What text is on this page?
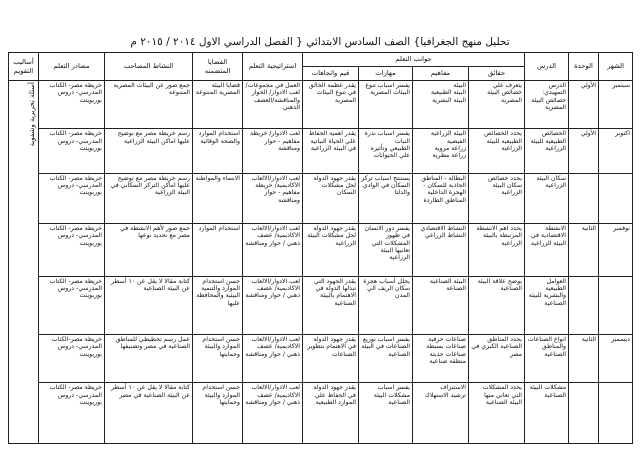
تحليل منهج الجغرافيا} الصف السادس الابتدائي { الفصل الدراسي الاول ٢٠١٤ / ٢٠١٥ م
الشهر	الوحدة	الدرس	جوانب التعلم				استراتيجية التعلم	القضايا المتضمنه	النشاط المصاحب	مصادر التعلم	أساليب التقويم
			حقائق	مفاهيم	مهارات	قيم واتجاهات					
سبتمبر	الأولي	الدرس التمهيدي: خصائص البيئة المصرية	يتعرف علي خصائص البيئة المصرية	البيئة
البيئة الطبيعية
البيئة البشرية	يفسر اسباب تنوع البيئات المصرية	يقدر عظمة الخالق في تنوع البيئات المصرية	العمل في مجموعات/لعب الادوار/ الحوار والمناقشة/العصف الذهني	قضايا البيئة المصرية المتنوعة	جمع صور عن البيئات المصرية المتنوعة	خريطة مصر- الكتاب المدرسي- دروس بوربوينت	أسئلة تحريرية وشفوية

اكتوبر	الأولي	الخصائص الطبيعية للبيئة الزراعية	يحدد الخصائص الطبيعية للبيئة الزراعية	البيئة الزراعية
الفيضية
زراعة مروية
زراعة مطرية	يفسر اسباب ندرة النبات
الطبيعي وتأثيره
علي الحيوانات	يقدر اهمية الحفاظ علي الحياة النباتية في البيئة الزراعية	لعب الادوار/ خريطة مفاهيم - حوار ومناقشة	استخدام الموارد والصحة الوقائية	رسم خريطة مصر مع توضيح عليها اماكن البيئة الزراعية	خريطة مصر- الكتاب المدرسي- دروس بوربوينت	
		سكان البيئة الزراعية	يحدد خصائص سكان البيئة الزراعية	البطالة - المناطق الجاذبة للسكان - الهجرة الداخلية المناطق الطاردة	يستنتج اسباب تركز السكان في الوادي والدلتا	يقدر جهود الدولة لحل مشكلات السكان	لعب الادوار/الالعاب الاكاديمية/ خريطة مفاهيم - حوار ومناقشة	الانتماء والمواطنة	رسم خريطة مصر مع توضيح عليها اماكن التركز السكاني في البيئة الزراعية	خريطة مصر- الكتاب المدرسي- دروس بوربوينت	
نوفمبر	الثانية	الانشطة الاقتصادية في البيئة الزراعية	يحدد اهم الانشطة المرتبطة بالبيئة الزراعية	النشاط الاقتصادي
النشاط الزراعي	يفسر دور الانسان في ظهور المشكلات التي تعانيها البيئة الزراعية	يقدر جهود الدولة لحل مشكلات البيئة الزراعية	لعب الادوار/الالعاب الاكاديمية/ عصف ذهني / حوار ومناقشة	استخدام الموارد	جمع صور لأهم الانشطة في مصر مع تحديد نوعها	خريطة مصر- الكتاب المدرسي- دروس بوربوينت	
		العوامل الطبيعية والبشرية للبيئة الصناعية	يوضح علاقة البيئة الصناعية	البيئة الصناعية
الصناعة	يحلل أسباب هجرة سكان الريف الي المدن	يقدر الجهود التي تبذلها الدولة في الاهتمام بالبيئة الصناعية	لعب الادوار/الالعاب الاكاديمية/ عصف ذهني / حوار ومناقشة	حسن استخدام الموارد والتنمية البيئية والمحافظة عليها	كتابة مقالا لا يقل عن ١٠ أسطر عن البيئة الصناعية	خريطة مصر- الكتاب المدرسي- دروس بوربوينت	
ديسمبر	الثانية	انواع الصناعات والمناطق الصناعية	يحدد المناطق الصناعية الكبري في مصر	صناعات حرفية
صناعات بسيطة
صناعات حديثة
منطقة صناعية	يفسر اسباب توزيع الصناعات في البيئة الصناعية	يقدر جهود الدولة في الاهتمام بتطوير الصناعات	لعب الادوار/الالعاب الاكاديمية/ عصف ذهني / حوار ومناقشة	حسن استخدام الموارد والبيئة وحمايتها	عمل رسم تخطيطي للمناطق الصناعية في مصر وتصنيفها	خريطة مصر-الكتاب المدرسي- دروس بوربوينت	
		مشكلات البيئة الصناعية	يحدد المشكلات التي تعاني منها البيئة الصناعية	الاستنزاف
ترشيد الاستهلاك	يفسر اسباب مشكلات البيئة الصناعية	يقدر جهود الدولة في الحفاظ علي الموارد الطبيعية	لعب الادوار/الالعاب الاكاديمية/ عصف ذهني / حوار ومناقشة	حسن استخدام الموارد والبيئة وحمايتها	كتابة مقالا لا يقل عن ١٠ أسطر عن البيئة الصناعية في مصر	خريطة مصر- الكتاب المدرسي- دروس بوربوينت	
